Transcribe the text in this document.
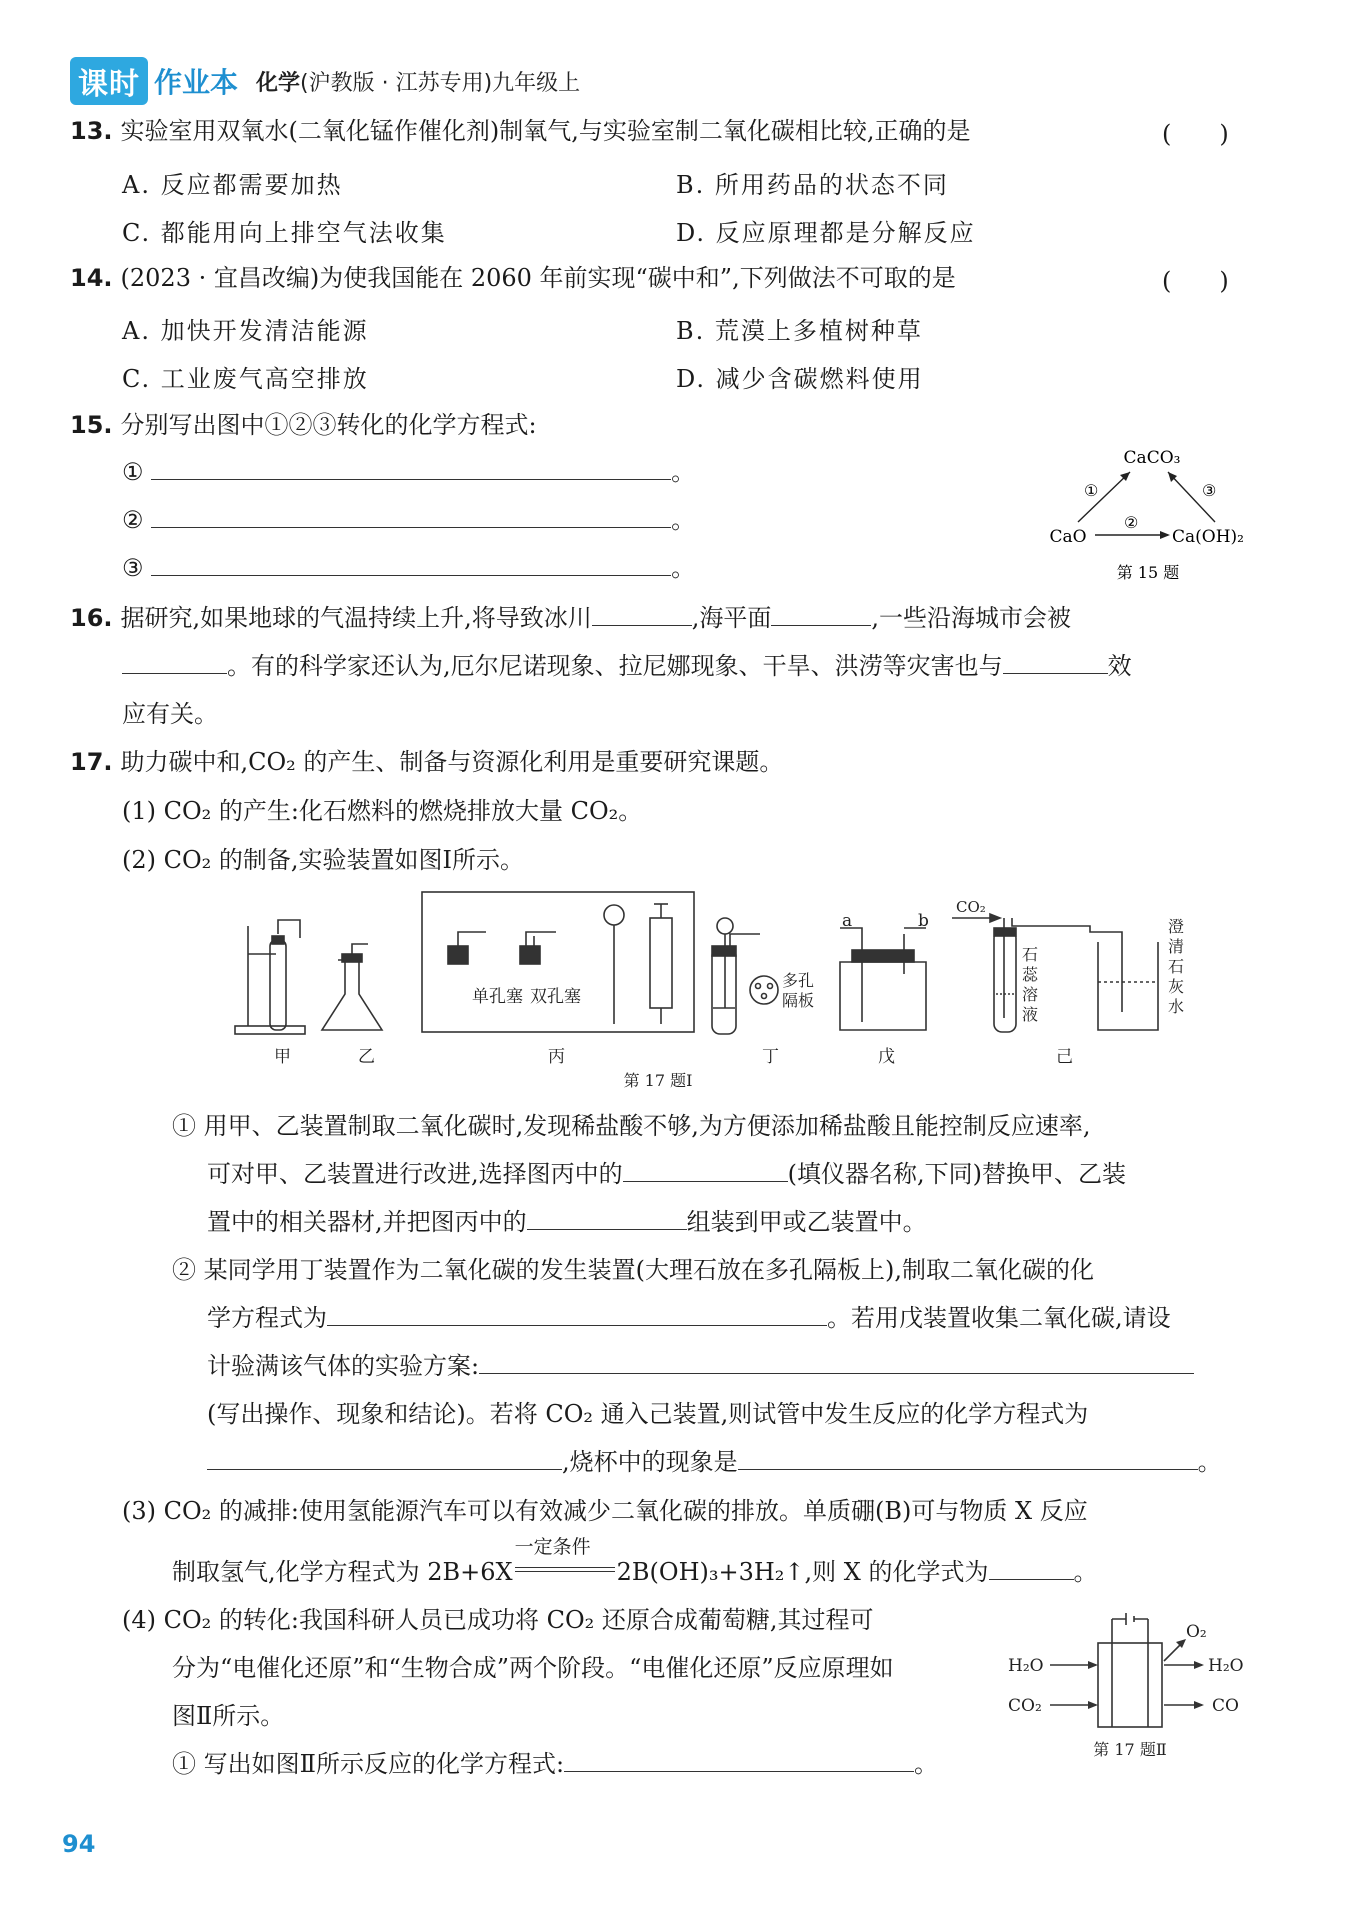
课时 作业本 化学(沪教版 · 江苏专用)九年级上
13. 实验室用双氧水(二氧化锰作催化剂)制氧气,与实验室制二氧化碳相比较,正确的是	(　　)
A. 反应都需要加热	B. 所用药品的状态不同
C. 都能用向上排空气法收集	D. 反应原理都是分解反应
14. (2023 · 宜昌改编)为使我国能在 2060 年前实现“碳中和”,下列做法不可取的是	(　　)
A. 加快开发清洁能源	B. 荒漠上多植树种草
C. 工业废气高空排放	D. 减少含碳燃料使用
15. 分别写出图中①②③转化的化学方程式:
①	。
②	。
③	。
CaCO₃
CaO	Ca(OH)₂
①
②
③
第 15 题
16. 据研究,如果地球的气温持续上升,将导致冰川	,海平面	,一些沿海城市会被
。有的科学家还认为,厄尔尼诺现象、拉尼娜现象、干旱、洪涝等灾害也与	效
应有关。
17. 助力碳中和,CO₂ 的产生、制备与资源化利用是重要研究课题。
(1) CO₂ 的产生:化石燃料的燃烧排放大量 CO₂。
(2) CO₂ 的制备,实验装置如图Ⅰ所示。
单孔塞 双孔塞
多孔
隔板
a	b
CO₂
石
蕊
溶
液
澄
清
石
灰
水
甲	乙	丙	丁	戊	己
第 17 题Ⅰ
① 用甲、乙装置制取二氧化碳时,发现稀盐酸不够,为方便添加稀盐酸且能控制反应速率,
可对甲、乙装置进行改进,选择图丙中的	(填仪器名称,下同)替换甲、乙装
置中的相关器材,并把图丙中的	组装到甲或乙装置中。
② 某同学用丁装置作为二氧化碳的发生装置(大理石放在多孔隔板上),制取二氧化碳的化
学方程式为	。若用戊装置收集二氧化碳,请设
计验满该气体的实验方案:
(写出操作、现象和结论)。若将 CO₂ 通入己装置,则试管中发生反应的化学方程式为
,烧杯中的现象是	。
(3) CO₂ 的减排:使用氢能源汽车可以有效减少二氧化碳的排放。单质硼(B)可与物质 X 反应
制取氢气,化学方程式为 2B+6X
一定条件
2B(OH)₃+3H₂↑,则 X 的化学式为	。
(4) CO₂ 的转化:我国科研人员已成功将 CO₂ 还原合成葡萄糖,其过程可
分为“电催化还原”和“生物合成”两个阶段。“电催化还原”反应原理如
图Ⅱ所示。
① 写出如图Ⅱ所示反应的化学方程式:	。
H₂O
CO₂
O₂
H₂O
CO
第 17 题Ⅱ
94
